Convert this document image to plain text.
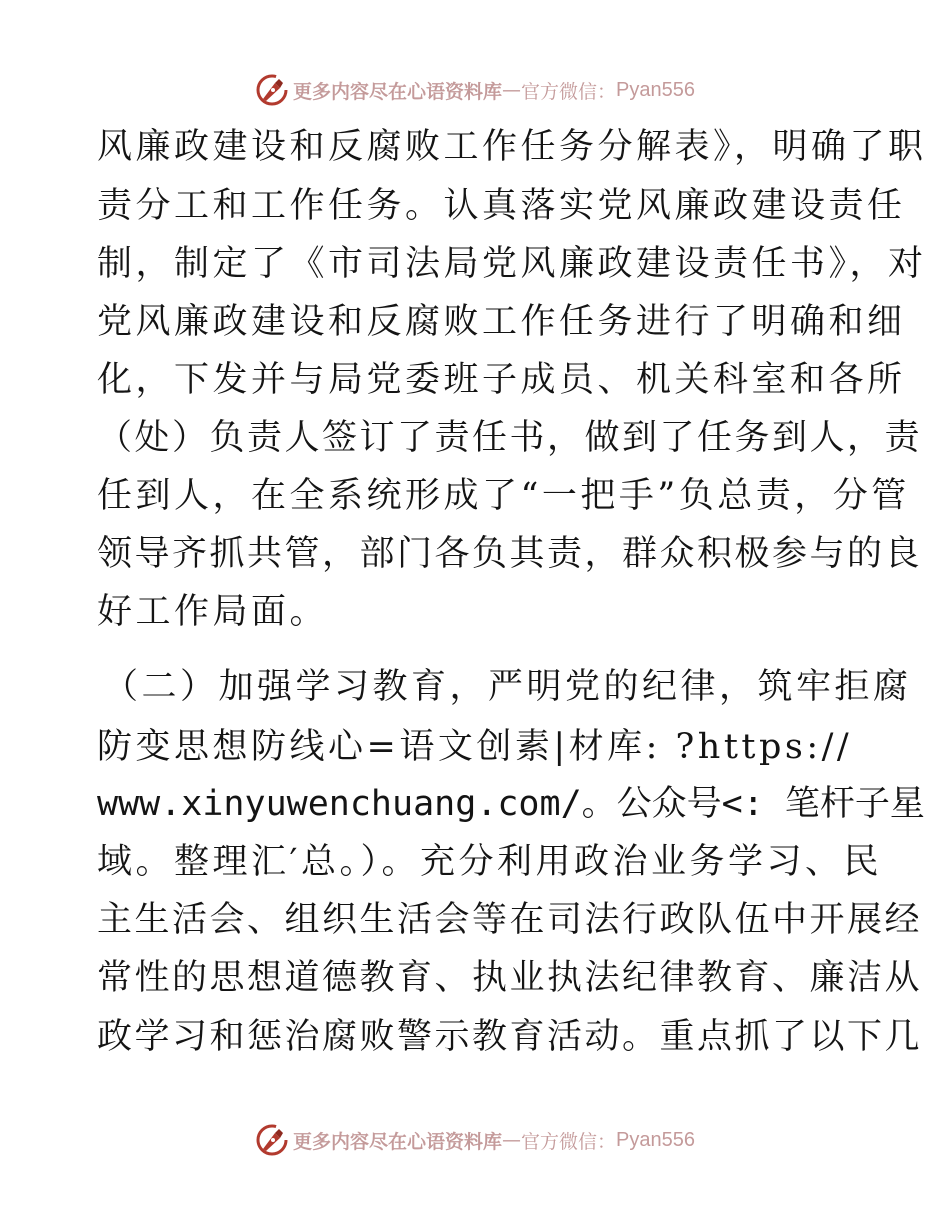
更多内容尽在心语资料库 — 官方微信： Pyan556
风廉政建设和反腐败工作任务分解表》，明确了职
责分工和工作任务。认真落实党风廉政建设责任
制，制定了《市司法局党风廉政建设责任书》，对
党风廉政建设和反腐败工作任务进行了明确和细
化，下发并与局党委班子成员、机关科室和各所
（处）负责人签订了责任书，做到了任务到人，责
任到人，在全系统形成了“一把手”负总责，分管
领导齐抓共管，部门各负其责，群众积极参与的良
好工作局面。
（二）加强学习教育，严明党的纪律，筑牢拒腐
防变思想防线心=语文创素|材库: ?https://
www.xinyuwenchuang.com/。公众号<: 笔杆子星
域。整理汇′总。）。充分利用政治业务学习、民
主生活会、组织生活会等在司法行政队伍中开展经
常性的思想道德教育、执业执法纪律教育、廉洁从
政学习和惩治腐败警示教育活动。重点抓了以下几
更多内容尽在心语资料库 — 官方微信： Pyan556
